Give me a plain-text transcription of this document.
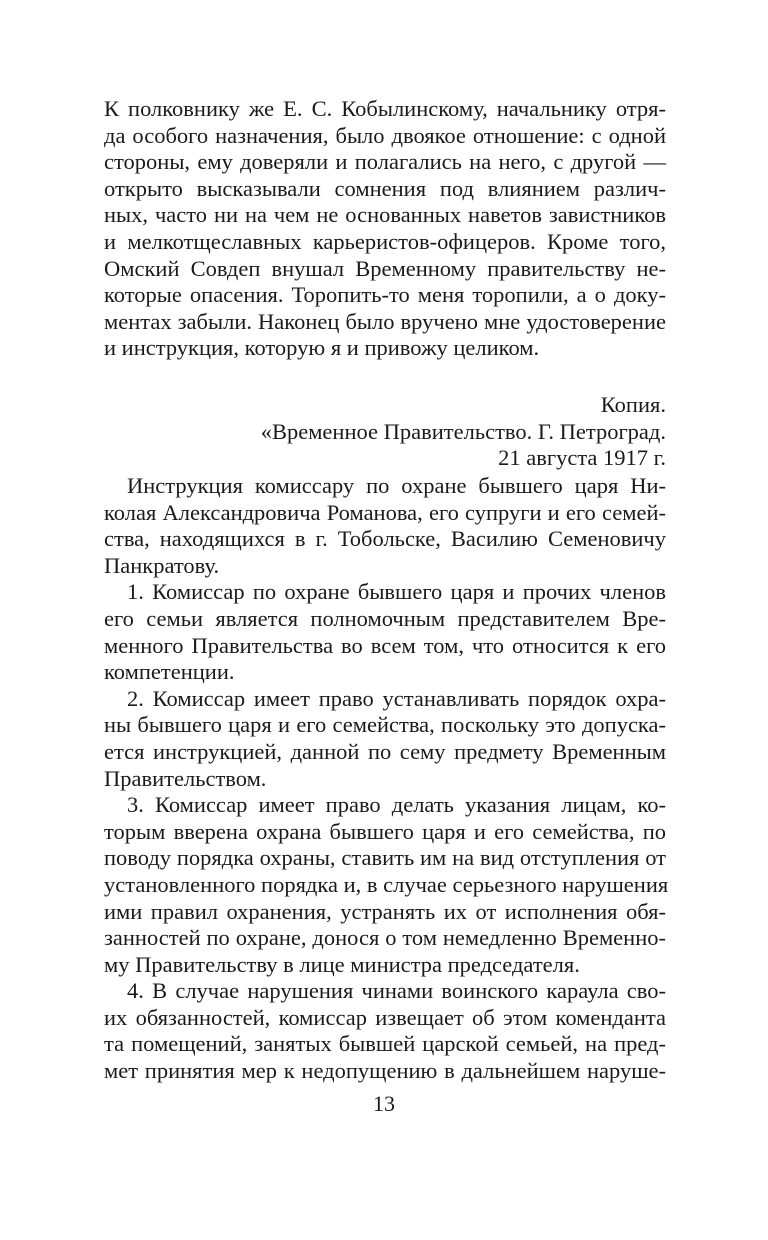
К полковнику же Е. С. Кобылинскому, начальнику отря-
да особого назначения, было двоякое отношение: с одной
стороны, ему доверяли и полагались на него, с другой —
открыто высказывали сомнения под влиянием различ-
ных, часто ни на чем не основанных наветов завистников
и мелкотщеславных карьеристов-офицеров. Кроме того,
Омский Совдеп внушал Временному правительству не-
которые опасения. Торопить-то меня торопили, а о доку-
ментах забыли. Наконец было вручено мне удостоверение
и инструкция, которую я и привожу целиком.
Копия.
«Временное Правительство. Г. Петроград.
21 августа 1917 г.
Инструкция комиссару по охране бывшего царя Ни-
колая Александровича Романова, его супруги и его семей-
ства, находящихся в г. Тобольске, Василию Семеновичу
Панкратову.
1. Комиссар по охране бывшего царя и прочих членов
его семьи является полномочным представителем Вре-
менного Правительства во всем том, что относится к его
компетенции.
2. Комиссар имеет право устанавливать порядок охра-
ны бывшего царя и его семейства, поскольку это допуска-
ется инструкцией, данной по сему предмету Временным
Правительством.
3. Комиссар имеет право делать указания лицам, ко-
торым вверена охрана бывшего царя и его семейства, по
поводу порядка охраны, ставить им на вид отступления от
установленного порядка и, в случае серьезного нарушения
ими правил охранения, устранять их от исполнения обя-
занностей по охране, донося о том немедленно Временно-
му Правительству в лице министра председателя.
4. В случае нарушения чинами воинского караула сво-
их обязанностей, комиссар извещает об этом коменданта
та помещений, занятых бывшей царской семьей, на пред-
мет принятия мер к недопущению в дальнейшем наруше-
13
